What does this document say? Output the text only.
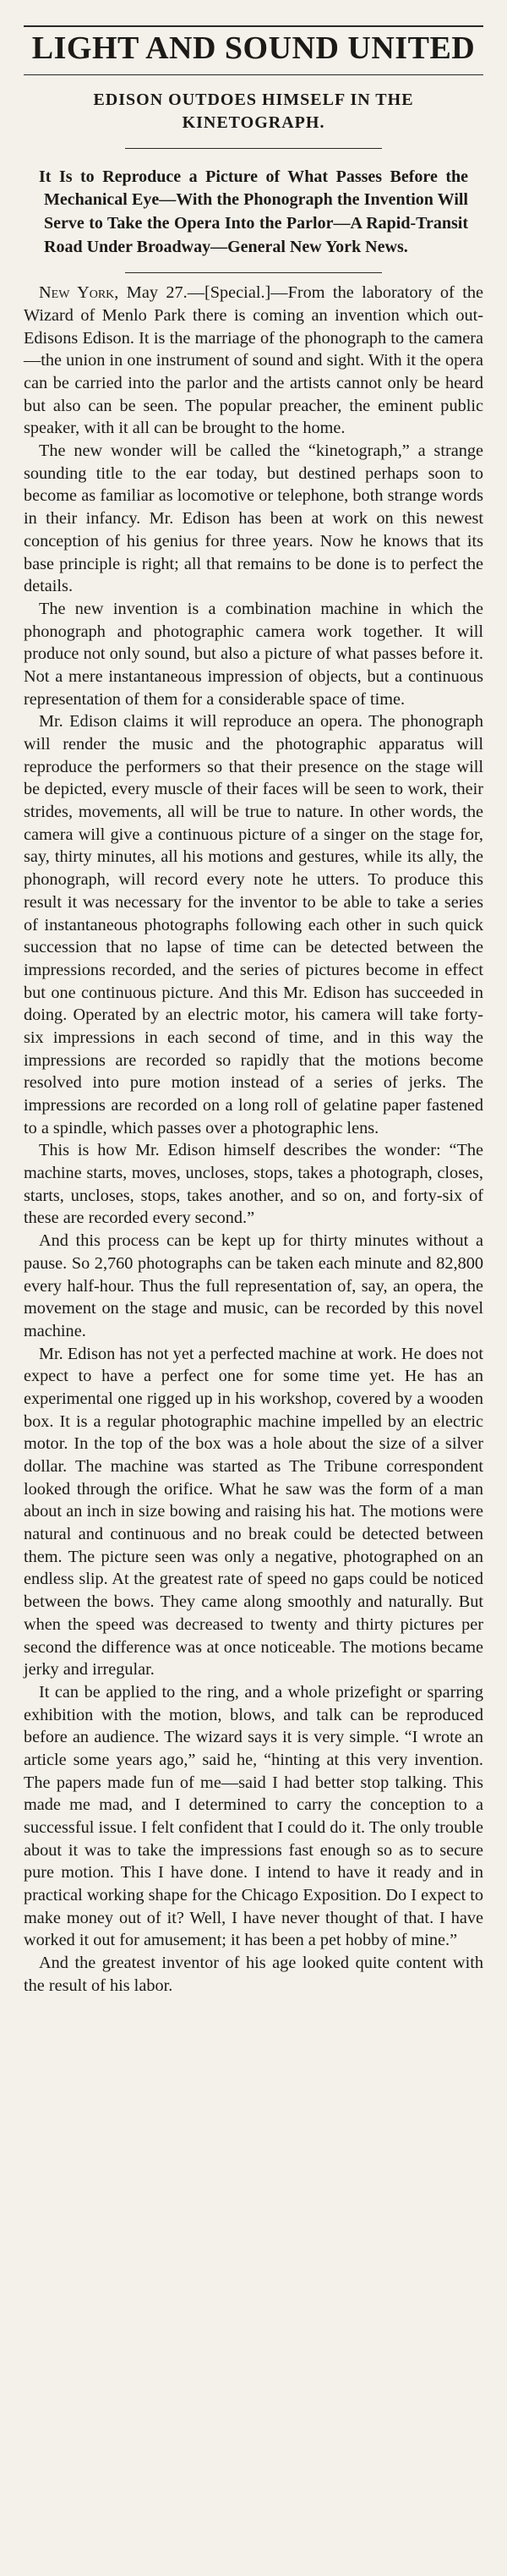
LIGHT AND SOUND UNITED
EDISON OUTDOES HIMSELF IN THE KINETOGRAPH.
It Is to Reproduce a Picture of What Passes Before the Mechanical Eye—With the Phonograph the Invention Will Serve to Take the Opera Into the Parlor—A Rapid-Transit Road Under Broadway—General New York News.

New York, May 27.—[Special.]—From the laboratory of the Wizard of Menlo Park there is coming an invention which out-Edisons Edison. It is the marriage of the phonograph to the camera—the union in one instrument of sound and sight. With it the opera can be carried into the parlor and the artists cannot only be heard but also can be seen. The popular preacher, the eminent public speaker, with it all can be brought to the home.

The new wonder will be called the “kinetograph,” a strange sounding title to the ear today, but destined perhaps soon to become as familiar as locomotive or telephone, both strange words in their infancy. Mr. Edison has been at work on this newest conception of his genius for three years. Now he knows that its base principle is right; all that remains to be done is to perfect the details.

The new invention is a combination machine in which the phonograph and photographic camera work together. It will produce not only sound, but also a picture of what passes before it. Not a mere instantaneous impression of objects, but a continuous representation of them for a considerable space of time.

Mr. Edison claims it will reproduce an opera. The phonograph will render the music and the photographic apparatus will reproduce the performers so that their presence on the stage will be depicted, every muscle of their faces will be seen to work, their strides, movements, all will be true to nature. In other words, the camera will give a continuous picture of a singer on the stage for, say, thirty minutes, all his motions and gestures, while its ally, the phonograph, will record every note he utters. To produce this result it was necessary for the inventor to be able to take a series of instantaneous photographs following each other in such quick succession that no lapse of time can be detected between the impressions recorded, and the series of pictures become in effect but one continuous picture. And this Mr. Edison has succeeded in doing. Operated by an electric motor, his camera will take forty-six impressions in each second of time, and in this way the impressions are recorded so rapidly that the motions become resolved into pure motion instead of a series of jerks. The impressions are recorded on a long roll of gelatine paper fastened to a spindle, which passes over a photographic lens.

This is how Mr. Edison himself describes the wonder: “The machine starts, moves, uncloses, stops, takes a photograph, closes, starts, uncloses, stops, takes another, and so on, and forty-six of these are recorded every second.”

And this process can be kept up for thirty minutes without a pause. So 2,760 photographs can be taken each minute and 82,800 every half-hour. Thus the full representation of, say, an opera, the movement on the stage and music, can be recorded by this novel machine.

Mr. Edison has not yet a perfected machine at work. He does not expect to have a perfect one for some time yet. He has an experimental one rigged up in his workshop, covered by a wooden box. It is a regular photographic machine impelled by an electric motor. In the top of the box was a hole about the size of a silver dollar. The machine was started as The Tribune correspondent looked through the orifice. What he saw was the form of a man about an inch in size bowing and raising his hat. The motions were natural and continuous and no break could be detected between them. The picture seen was only a negative, photographed on an endless slip. At the greatest rate of speed no gaps could be noticed between the bows. They came along smoothly and naturally. But when the speed was decreased to twenty and thirty pictures per second the difference was at once noticeable. The motions became jerky and irregular.

It can be applied to the ring, and a whole prizefight or sparring exhibition with the motion, blows, and talk can be reproduced before an audience. The wizard says it is very simple. “I wrote an article some years ago,” said he, “hinting at this very invention. The papers made fun of me—said I had better stop talking. This made me mad, and I determined to carry the conception to a successful issue. I felt confident that I could do it. The only trouble about it was to take the impressions fast enough so as to secure pure motion. This I have done. I intend to have it ready and in practical working shape for the Chicago Exposition. Do I expect to make money out of it? Well, I have never thought of that. I have worked it out for amusement; it has been a pet hobby of mine.”

And the greatest inventor of his age looked quite content with the result of his labor.
